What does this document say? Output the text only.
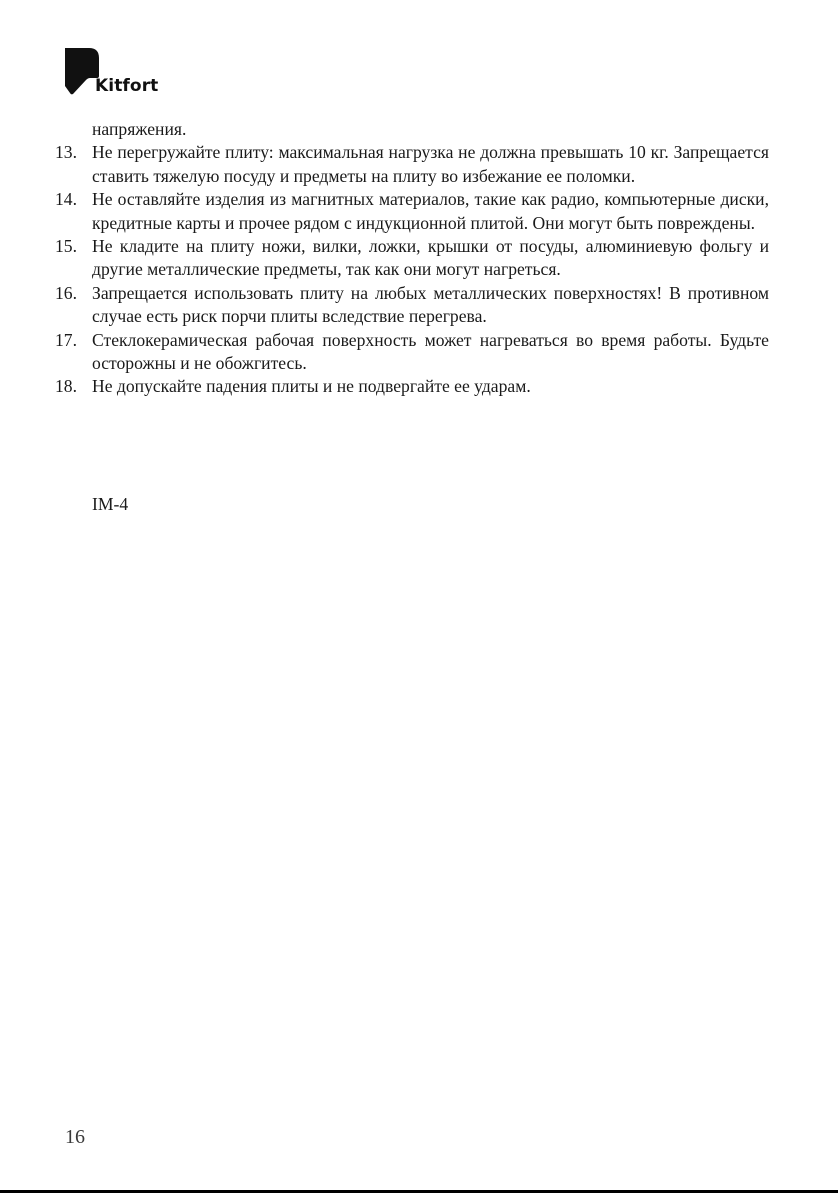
Kitfort
напряжения.
13. Не перегружайте плиту: максимальная нагрузка не должна превышать 10 кг. Запрещается ставить тяжелую посуду и предметы на плиту во избежание ее поломки.
14. Не оставляйте изделия из магнитных материалов, такие как радио, компьютерные диски, кредитные карты и прочее рядом с индукционной плитой. Они могут быть повреждены.
15. Не кладите на плиту ножи, вилки, ложки, крышки от посуды, алюминиевую фольгу и другие металлические предметы, так как они могут нагреться.
16. Запрещается использовать плиту на любых металлических поверхностях! В противном случае есть риск порчи плиты вследствие перегрева.
17. Стеклокерамическая рабочая поверхность может нагреваться во время работы. Будьте осторожны и не обожгитесь.
18. Не допускайте падения плиты и не подвергайте ее ударам.
IM-4
16
